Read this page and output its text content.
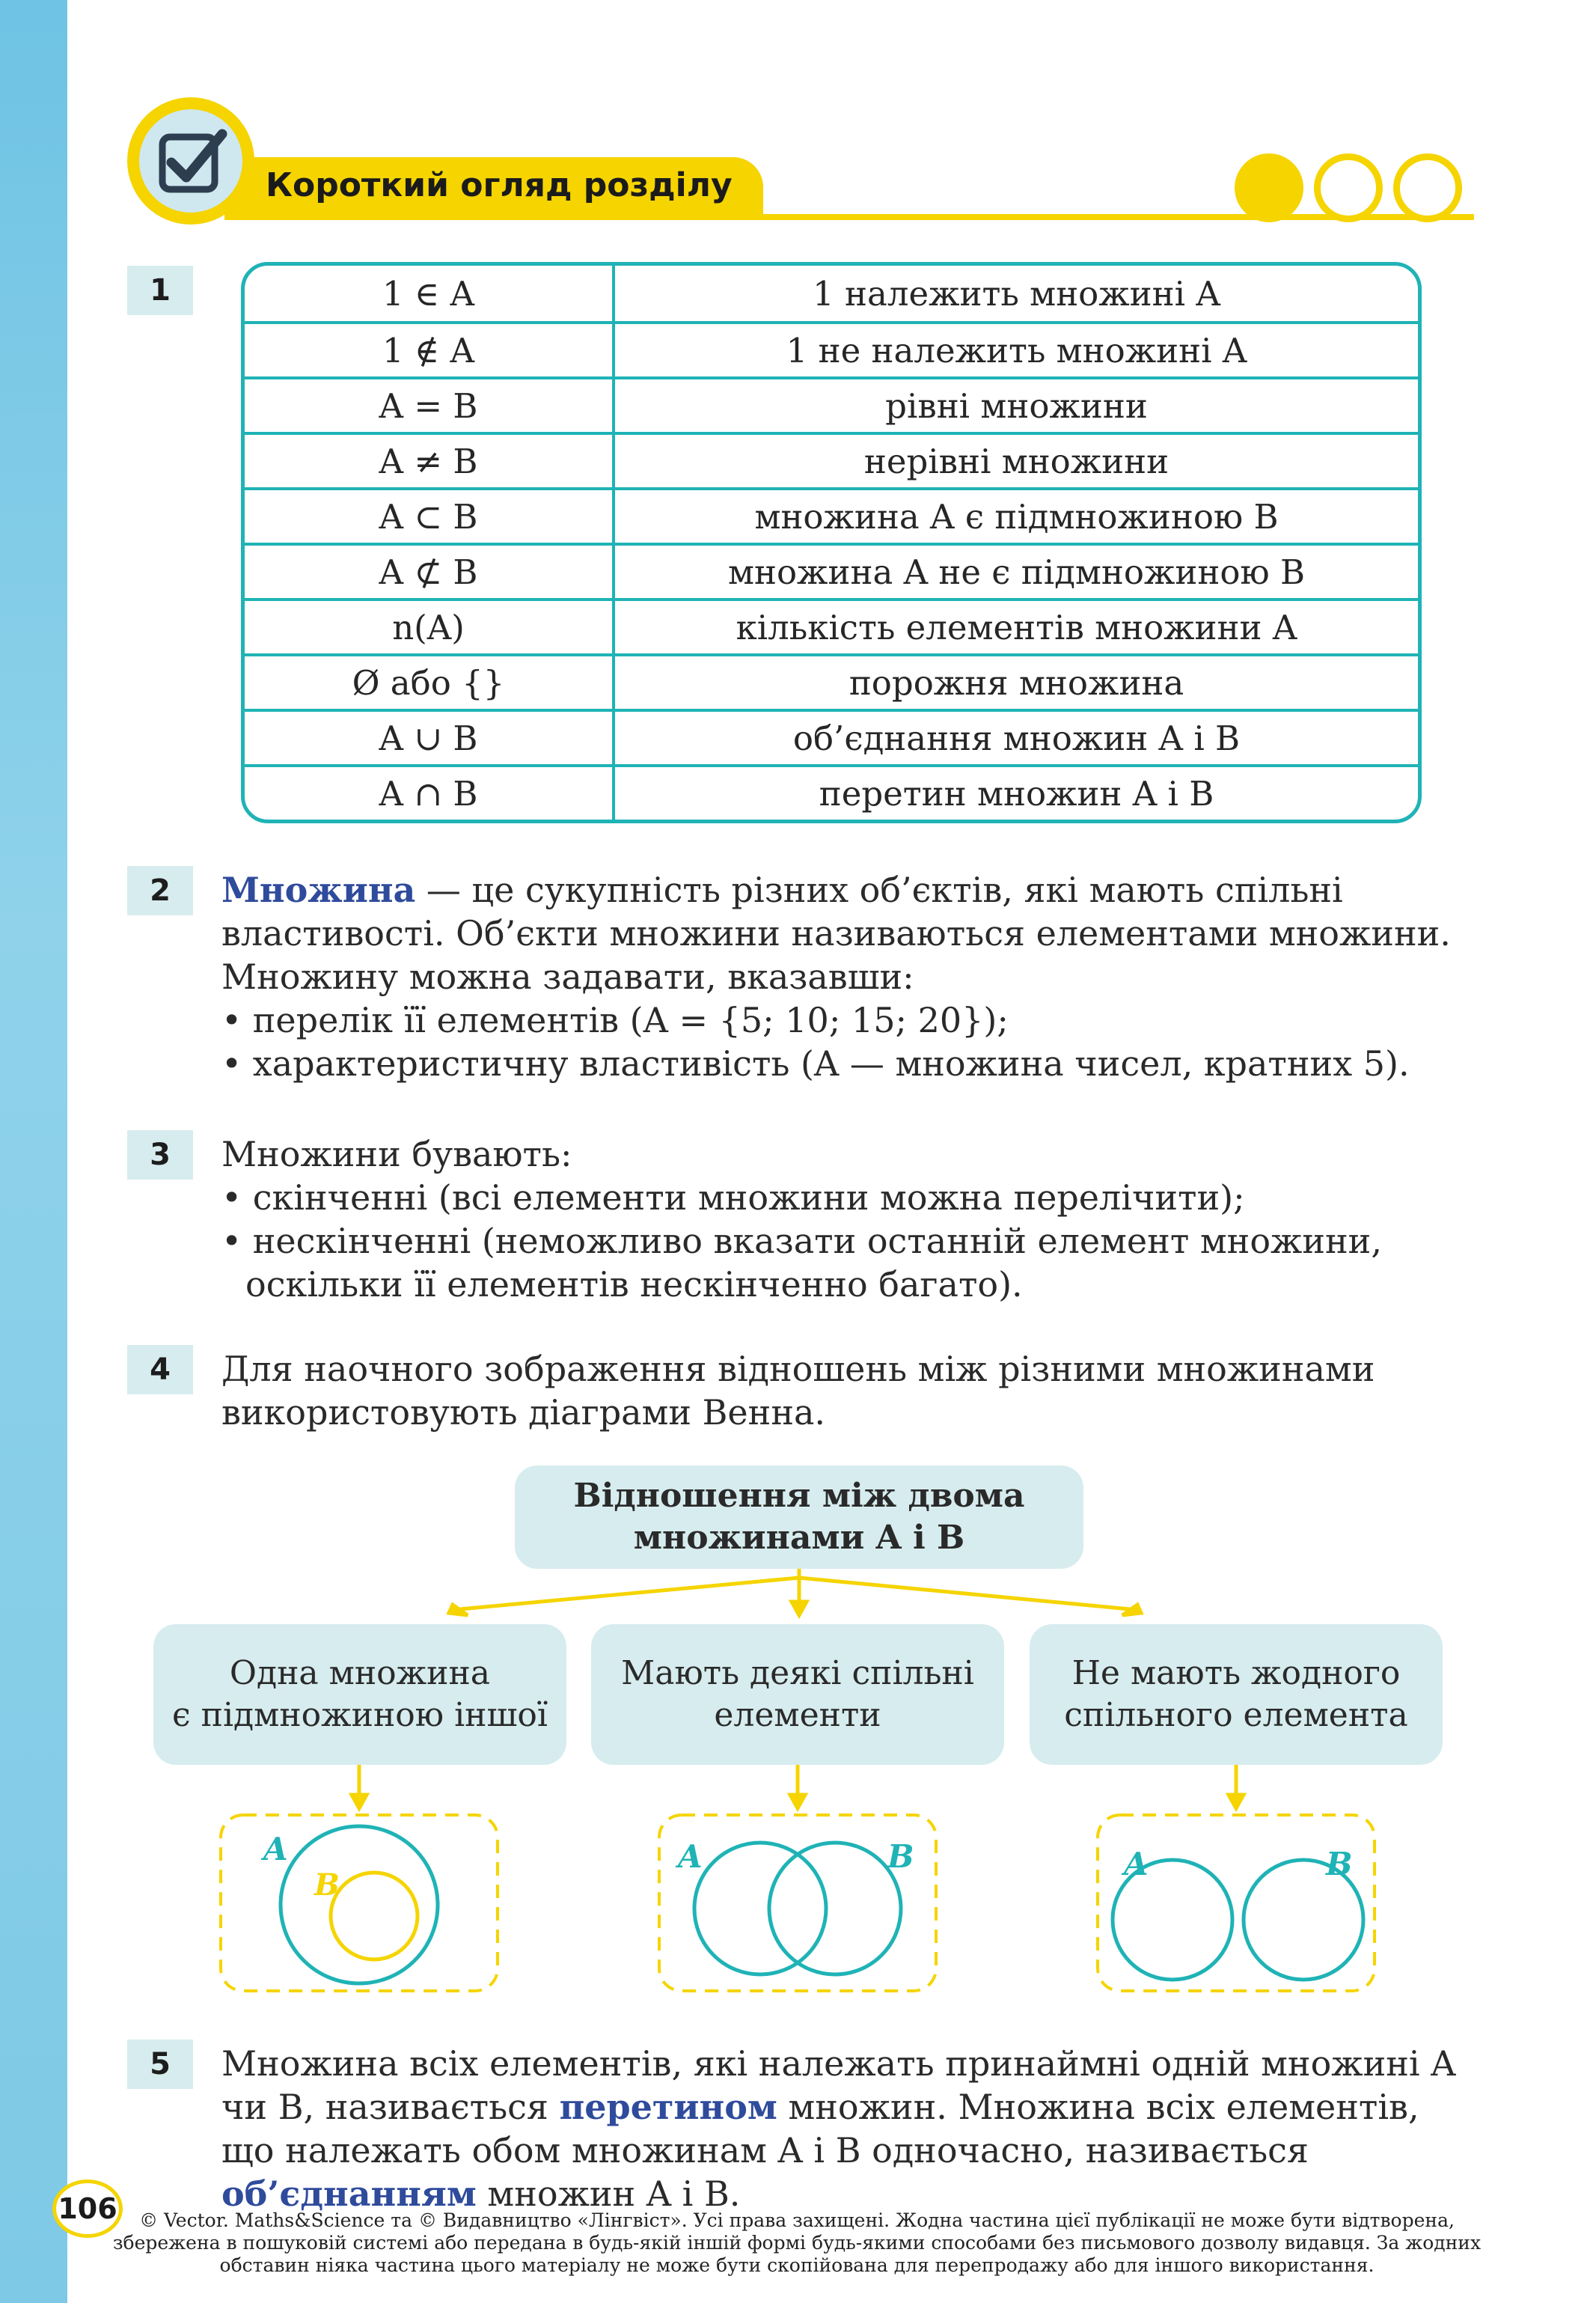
Короткий огляд розділу
1	1 ∈ A	1 належить множині A
1 ∉ A	1 не належить множині A
A = B	рівні множини
A ≠ B	нерівні множини
A ⊂ B	множина A є підмножиною B
A ⊄ B	множина A не є підмножиною B
n(A)	кількість елементів множини A
Ø або {}	порожня множина
A ∪ B	об’єднання множин A і B
A ∩ B	перетин множин A і B
2	Множина — це сукупність різних об’єктів, які мають спільні властивості. Об’єкти множини називаються елементами множини. Множину можна задавати, вказавши:

• перелік її елементів (A = {5; 10; 15; 20});

• характеристичну властивість (A — множина чисел, кратних 5).

3	Множини бувають:

• скінченні (всі елементи множини можна перелічити);

• нескінченні (неможливо вказати останній елемент множини, оскільки її елементів нескінченно багато).

4	Для наочного зображення відношень між різними множинами використовують діаграми Венна.
Відношення між двома
множинами A і B
Одна множина
є підмножиною іншої
Мають деякі спільні
елементи
Не мають жодного
спільного елемента
A
B
A	B	A	B
5	Множина всіх елементів, які належать принаймні одній множині A чи B, називається перетином множин. Множина всіх елементів, що належать обом множинам A і B одночасно, називається об’єднанням множин A і B.

106	© Vector. Maths&Science та © Видавництво «Лінгвіст». Усі права захищені. Жодна частина цієї публікації не може бути відтворена, збережена в пошуковій системі або передана в будь-якій іншій формі будь-якими способами без письмового дозволу видавця. За жодних обставин ніяка частина цього матеріалу не може бути скопійована для перепродажу або для іншого використання.
